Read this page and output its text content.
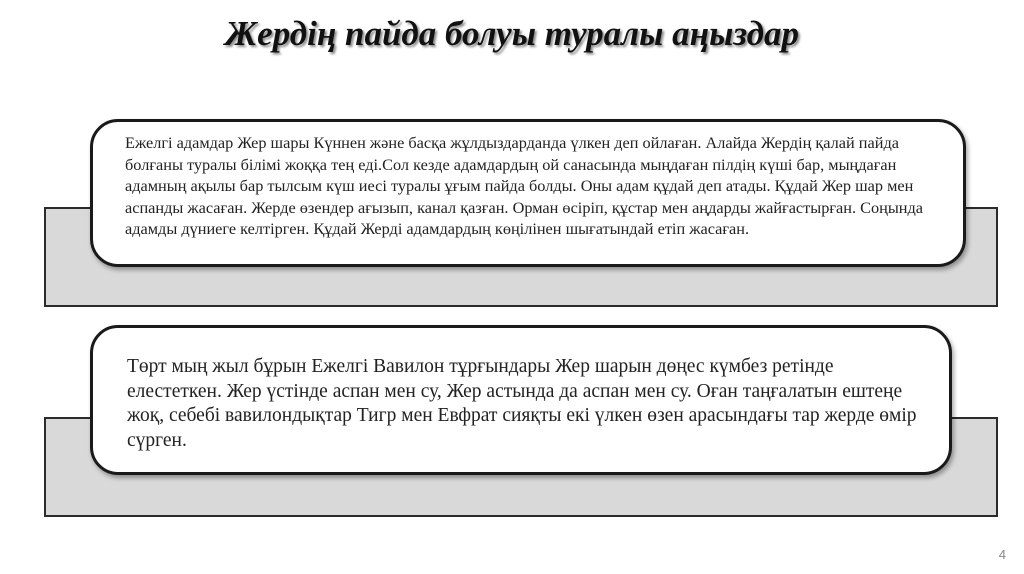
Жердің пайда болуы туралы аңыздар

Ежелгі адамдар Жер шары Күннен және басқа жұлдыздарданда үлкен деп ойлаған. Алайда Жердің қалай пайда болғаны туралы білімі жоққа тең еді.Сол кезде адамдардың ой санасында мыңдаған пілдің күші бар, мыңдаған адамның ақылы бар тылсым күш иесі туралы ұғым пайда болды. Оны адам құдай деп атады. Құдай Жер шар мен аспанды жасаған. Жерде өзендер ағызып, канал қазған. Орман өсіріп, құстар мен аңдарды жайғастырған. Соңында адамды дүниеге келтірген. Құдай Жерді адамдардың көңілінен шығатындай етіп жасаған.

Төрт мың жыл бұрын Ежелгі Вавилон тұрғындары Жер шарын дөңес күмбез ретінде елестеткен. Жер үстінде аспан мен су, Жер астында да аспан мен су. Оған таңғалатын ештеңе жоқ, себебі вавилондықтар Тигр мен Евфрат сияқты екі үлкен өзен арасындағы тар жерде өмір сүрген.

4
